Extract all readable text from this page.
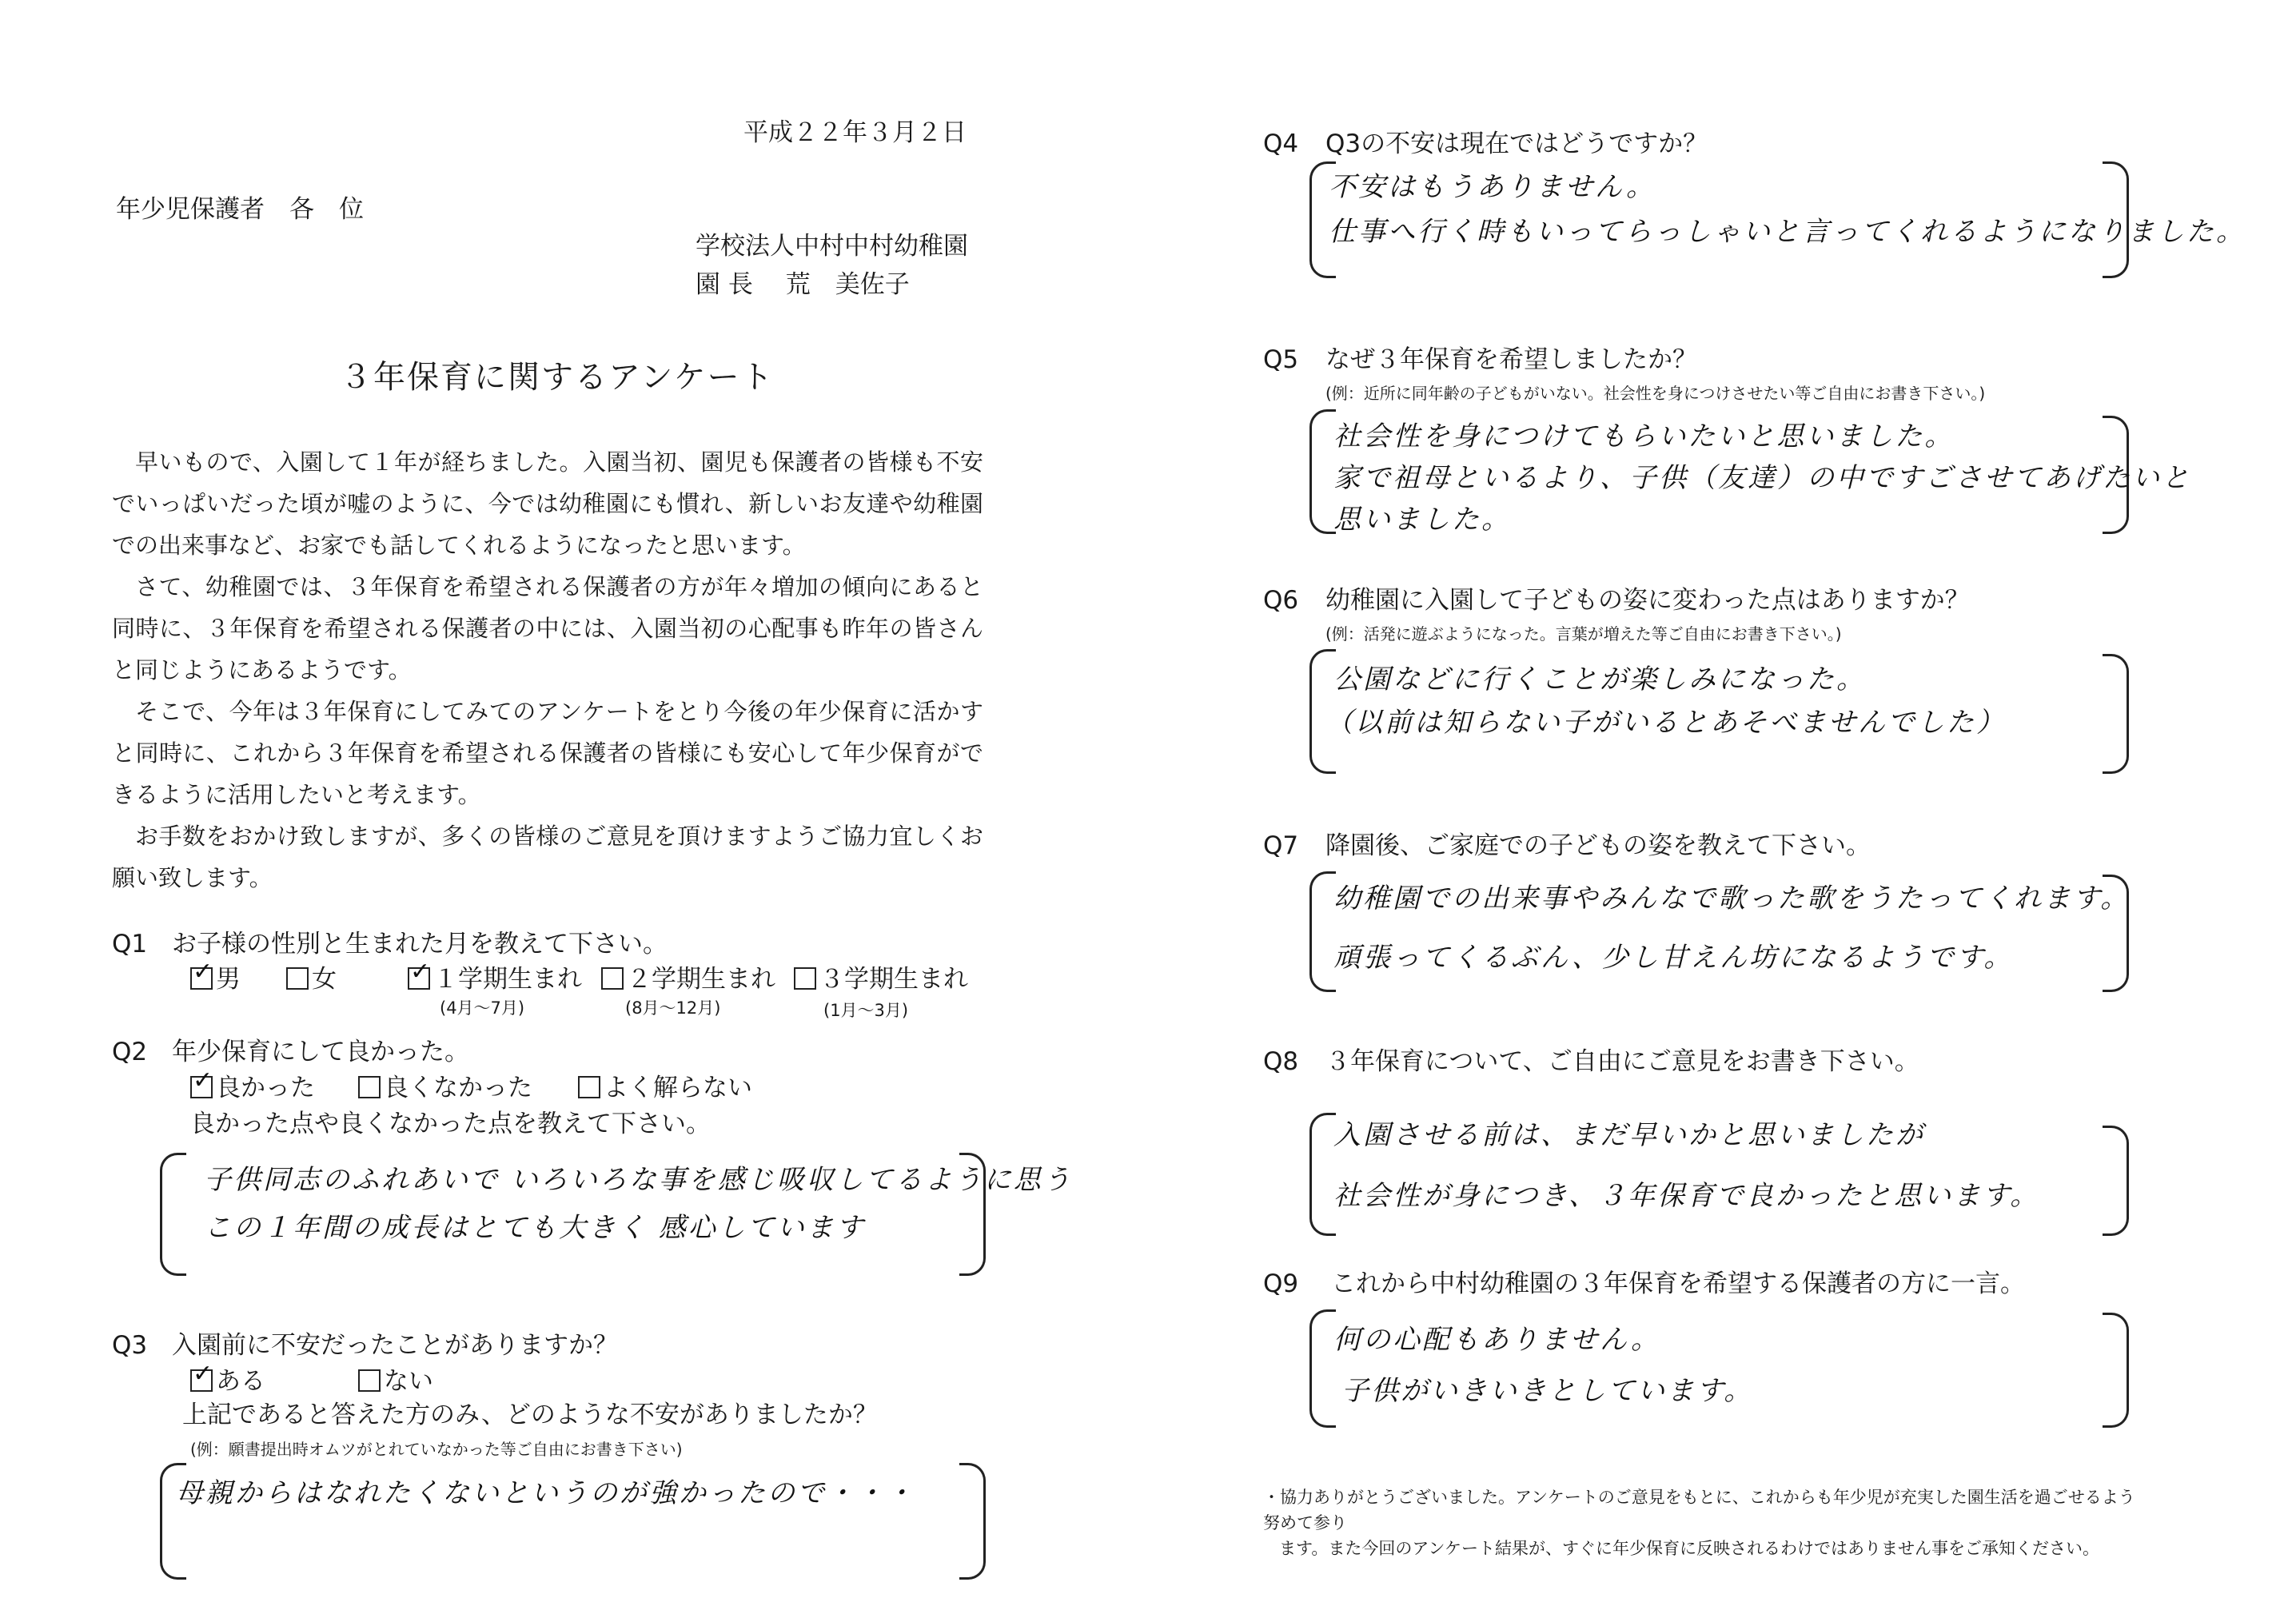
平成２２年３月２日
年少児保護者　各　位
学校法人中村中村幼稚園
園 長　 荒　美佐子
３年保育に関するアンケート

早いもので、入園して１年が経ちました。入園当初、園児も保護者の皆様も不安でいっぱいだった頃が嘘のように、今では幼稚園にも慣れ、新しいお友達や幼稚園での出来事など、お家でも話してくれるようになったと思います。

さて、幼稚園では、３年保育を希望される保護者の方が年々増加の傾向にあると同時に、３年保育を希望される保護者の中には、入園当初の心配事も昨年の皆さんと同じようにあるようです。

そこで、今年は３年保育にしてみてのアンケートをとり今後の年少保育に活かすと同時に、これから３年保育を希望される保護者の皆様にも安心して年少保育ができるように活用したいと考えます。

お手数をおかけ致しますが、多くの皆様のご意見を頂けますようご協力宜しくお願い致します。

Q1 お子様の性別と生まれた月を教えて下さい。
✓男	女
✓	１学期生まれ	２学期生まれ	３学期生まれ
(4月～7月)	(8月～12月)	(1月～3月)
Q2 年少保育にして良かった。
✓良かった	良くなかった	よく解らない
良かった点や良くなかった点を教えて下さい。
子供同志のふれあいで いろいろな事を感じ吸収してるように思う
この１年間の成長はとても大きく 感心しています
Q3 入園前に不安だったことがありますか？
✓ある	ない
上記であると答えた方のみ、どのような不安がありましたか？
(例：願書提出時オムツがとれていなかった等ご自由にお書き下さい)
母親からはなれたくないというのが強かったので・・・
Q4 Q3の不安は現在ではどうですか？
不安はもうありません。
仕事へ行く時もいってらっしゃいと言ってくれるようになりました。
Q5 なぜ３年保育を希望しましたか？
(例：近所に同年齢の子どもがいない。社会性を身につけさせたい等ご自由にお書き下さい。)
社会性を身につけてもらいたいと思いました。
家で祖母といるより、子供（友達）の中ですごさせてあげたいと
思いました。
Q6 幼稚園に入園して子どもの姿に変わった点はありますか？
(例：活発に遊ぶようになった。言葉が増えた等ご自由にお書き下さい。)
公園などに行くことが楽しみになった。
（以前は知らない子がいるとあそべませんでした）
Q7 降園後、ご家庭での子どもの姿を教えて下さい。
幼稚園での出来事やみんなで歌った歌をうたってくれます。
頑張ってくるぶん、少し甘えん坊になるようです。
Q8 ３年保育について、ご自由にご意見をお書き下さい。
入園させる前は、まだ早いかと思いましたが
社会性が身につき、３年保育で良かったと思います。
Q9 これから中村幼稚園の３年保育を希望する保護者の方に一言。
何の心配もありません。
子供がいきいきとしています。
・協力ありがとうございました。アンケートのご意見をもとに、これからも年少児が充実した園生活を過ごせるよう努めて参り
ます。また今回のアンケート結果が、すぐに年少保育に反映されるわけではありません事をご承知ください。
